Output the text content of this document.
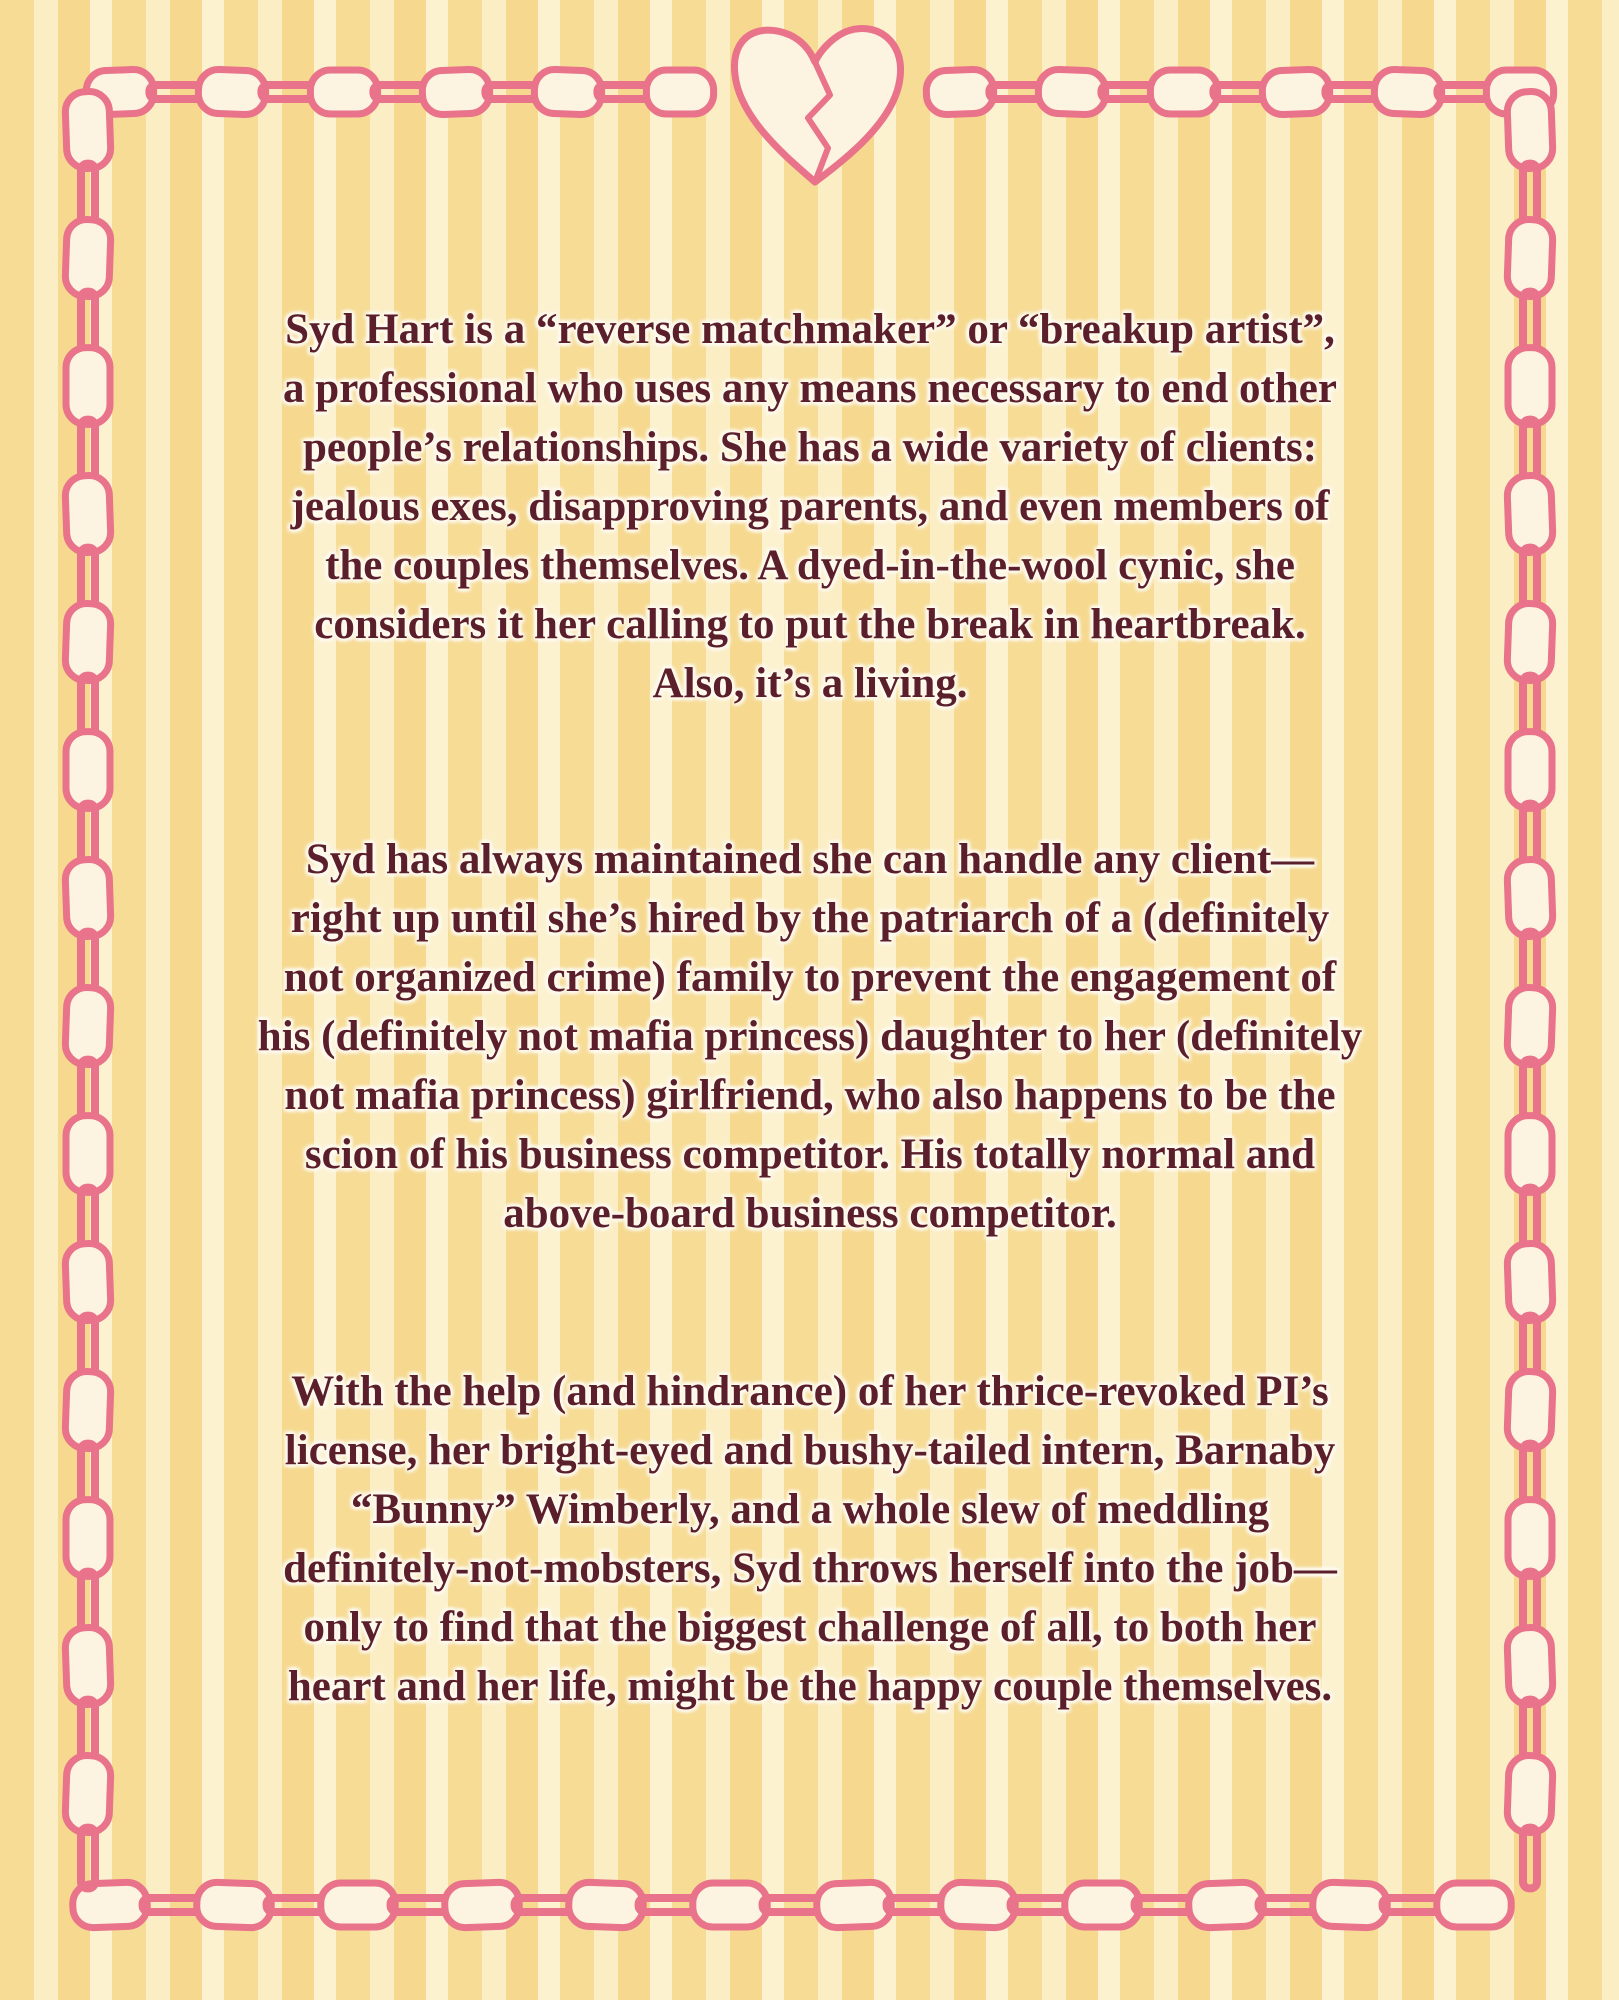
Syd Hart is a “reverse matchmaker” or “breakup artist”,
a professional who uses any means necessary to end other
people’s relationships. She has a wide variety of clients:
jealous exes, disapproving parents, and even members of
the couples themselves. A dyed-in-the-wool cynic, she
considers it her calling to put the break in heartbreak.
Also, it’s a living.

Syd has always maintained she can handle any client—
right up until she’s hired by the patriarch of a (definitely
not organized crime) family to prevent the engagement of
his (definitely not mafia princess) daughter to her (definitely
not mafia princess) girlfriend, who also happens to be the
scion of his business competitor. His totally normal and
above-board business competitor.

With the help (and hindrance) of her thrice-revoked PI’s
license, her bright-eyed and bushy-tailed intern, Barnaby
“Bunny” Wimberly, and a whole slew of meddling
definitely-not-mobsters, Syd throws herself into the job—
only to find that the biggest challenge of all, to both her
heart and her life, might be the happy couple themselves.
